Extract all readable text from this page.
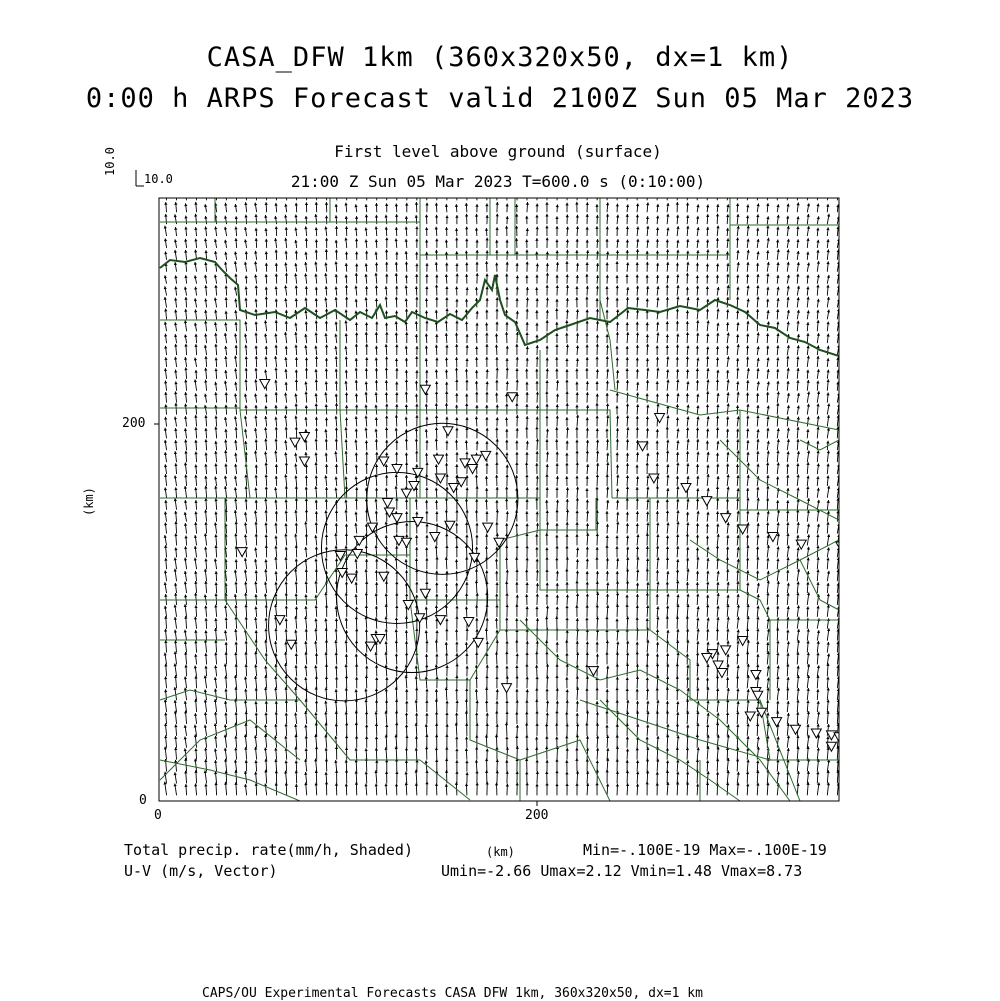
CASA_DFW 1km (360x320x50, dx=1 km)
0:00 h ARPS Forecast valid 2100Z Sun 05 Mar 2023
First level above ground (surface)
21:00 Z Sun 05 Mar 2023 T=600.0 s (0:10:00)
10.0
10.0
0	200
0
200
(km)
(km)
Total precip. rate(mm/h, Shaded)
U-V (m/s, Vector)
Min=-.100E-19 Max=-.100E-19
Umin=-2.66 Umax=2.12 Vmin=1.48 Vmax=8.73
CAPS/OU Experimental Forecasts CASA DFW 1km, 360x320x50, dx=1 km
